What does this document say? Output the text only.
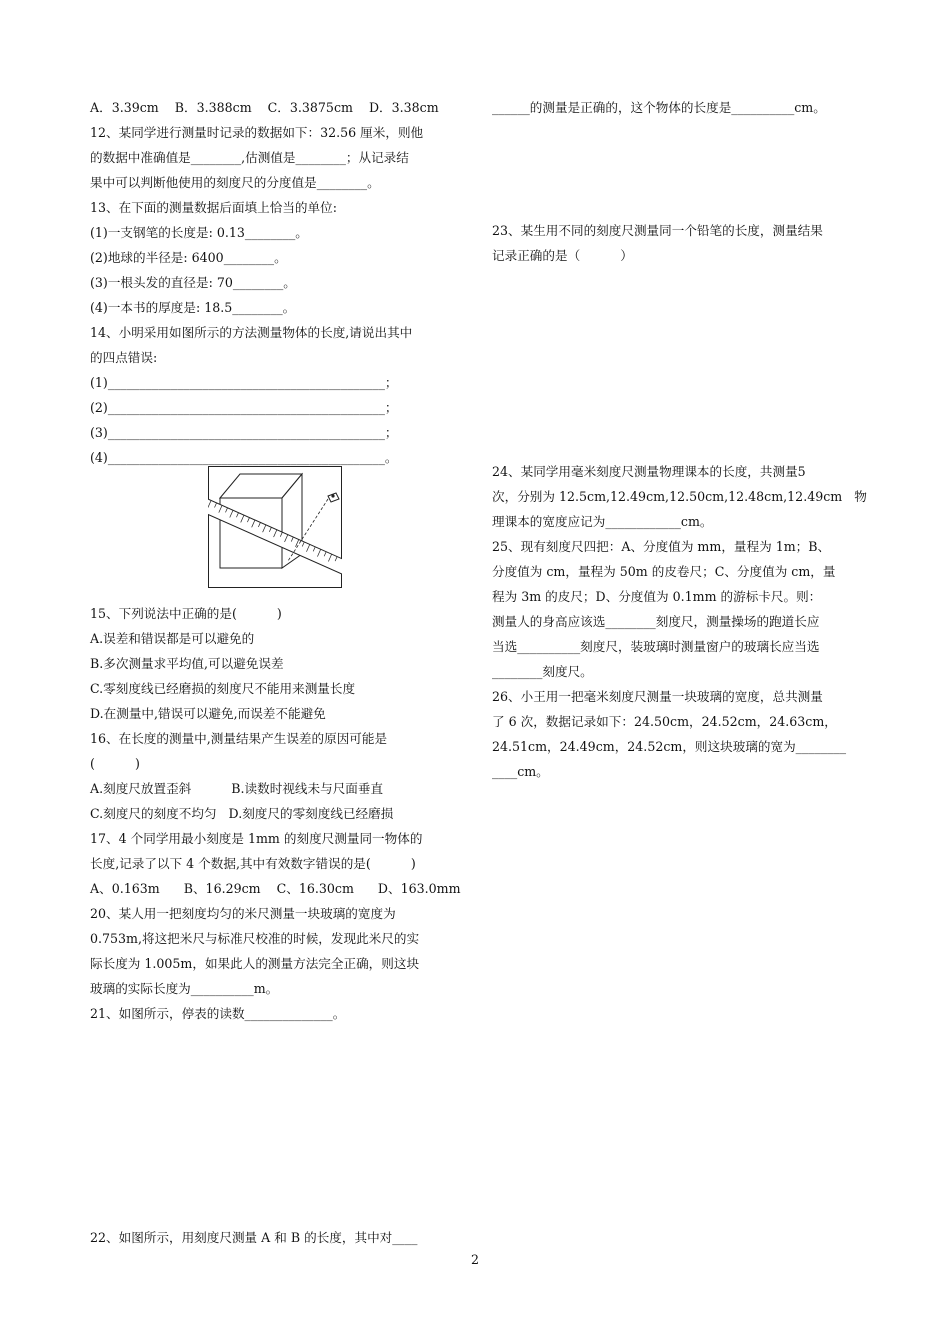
A．3.39cm    B．3.388cm    C．3.3875cm    D．3.38cm
12、某同学进行测量时记录的数据如下：32.56 厘米，则他
的数据中准确值是________,估测值是________；从记录结
果中可以判断他使用的刻度尺的分度值是________。
13、在下面的测量数据后面填上恰当的单位:
(1)一支钢笔的长度是: 0.13________。
(2)地球的半径是: 6400________。
(3)一根头发的直径是: 70________。
(4)一本书的厚度是: 18.5________。
14、小明采用如图所示的方法测量物体的长度,请说出其中
的四点错误:
(1)____________________________________________；
(2)____________________________________________；
(3)____________________________________________；
(4)____________________________________________。
15、下列说法中正确的是(          )
A.误差和错误都是可以避免的
B.多次测量求平均值,可以避免误差
C.零刻度线已经磨损的刻度尺不能用来测量长度
D.在测量中,错误可以避免,而误差不能避免
16、在长度的测量中,测量结果产生误差的原因可能是
(          )
A.刻度尺放置歪斜          B.读数时视线未与尺面垂直
C.刻度尺的刻度不均匀   D.刻度尺的零刻度线已经磨损
17、4 个同学用最小刻度是 1mm 的刻度尺测量同一物体的
长度,记录了以下 4 个数据,其中有效数字错误的是(          )
A、0.163m      B、16.29cm    C、16.30cm      D、163.0mm
20、某人用一把刻度均匀的米尺测量一块玻璃的宽度为
0.753m,将这把米尺与标准尺校准的时候，发现此米尺的实
际长度为 1.005m，如果此人的测量方法完全正确，则这块
玻璃的实际长度为__________m。
21、如图所示，停表的读数______________。
22、如图所示，用刻度尺测量 A 和 B 的长度，其中对____
______的测量是正确的，这个物体的长度是__________cm。
23、某生用不同的刻度尺测量同一个铅笔的长度，测量结果
记录正确的是（          ）
24、某同学用毫米刻度尺测量物理课本的长度，共测量5
次，分别为 12.5cm,12.49cm,12.50cm,12.48cm,12.49cm   物
理课本的宽度应记为____________cm。
25、现有刻度尺四把：A、分度值为 mm，量程为 1m；B、
分度值为 cm，量程为 50m 的皮卷尺；C、分度值为 cm，量
程为 3m 的皮尺；D、分度值为 0.1mm 的游标卡尺。则：
测量人的身高应该选________刻度尺，测量操场的跑道长应
当选__________刻度尺，装玻璃时测量窗户的玻璃长应当选
________刻度尺。
26、小王用一把毫米刻度尺测量一块玻璃的宽度，总共测量
了 6 次，数据记录如下：24.50cm，24.52cm，24.63cm，
24.51cm，24.49cm，24.52cm，则这块玻璃的宽为________
____cm。
2
